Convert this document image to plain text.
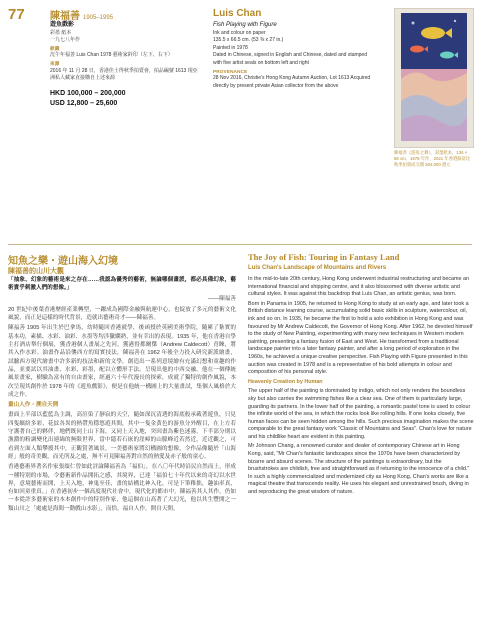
77	陳福善 1905–1995	Luis Chan
遊魚戲影
彩墨 紙本
一九七八年作
款識
沈午年福善 Luis Chan 1978 藝術家鈐印（左下、右下）
來源
2016 年 11 月 28 日，香港佳士得秋季拍賣會，拍品編號 1613 現亞洲私人藏家直接購自上述來源
HKD 100,000 – 200,000
USD 12,800 – 25,600
Fish Playing with Figure
Ink and colour on paper
135.5 x 66.5 cm. (53 ⅜ x 27 in.)
Painted in 1978
Dated in Chinese, signed in English and Chinese, dated and stamped with five artist seals on bottom left and right
PROVENANCE
28 Nov 2016, Christie's Hong Kong Autumn Auction, Lot 1613 Acquired directly by present private Asian collector from the above
陳福善《游魚之舞》，彩墨紙本，136 × 68 cm，1978 年作，2021 年香港蘇富比秋季拍賣成交價 504,000 港元
知魚之樂・遊山海入幻境
陳福善的山川大觀

「抽象、幻象的藝術是來之存在……我認為優秀的藝術，無論哪個畫派，都必具備幻象，藝術貴乎刺激人們的想像。」

——陳福善

20 世紀中後葉香港歷經產業轉型，一躍成為國際金融與航運中心，也綻放了多元的藝術文化風貌，而正是這樣的時代背景，造就出藝術奇才——陳福善。

陳福善 1905 年出生於巴拿馬，幼時隨回香港就學，後函授於英國美術學院，隨累了紮實的基本功，素描、水彩、油彩、水墨等均涉獵嫻熟，並有幸出的表現。1935 年，他在香港自學主打酒店舉行個展，獲香港個人畫展之先河，獲港督都爾傑（Andrew Caldecott）青睞，將其入作水彩。油畫作品沿襲西方的寫實技法，陳福善在 1962 年後全力投入研究新派繪畫，試驗西方現代繪畫中許多新的技法和新的文學，創造出一系列意境繪有充滿幻想和童趣的作品，並要試以其油畫、水彩、彩墨，配以立體形手法，呈現出他的中西交融，他在一個傳統風景畫家，樹驗為富有的自由畫家，經過六十年代漫長的探索，成就了獨特的創作風貌，本次呈現其創作於 1978 年的《遊魚戲影》，便是在他統一構圖上的大量畫試，集個人風格於大成之作。

畫山人作・溯自天開

畫面上半部以藍藍為主調，高渲染了靜寂的天空，隨如深沉清透的海底般承載著遊魚，只見四隻繽紛多彩，花紋各異的熱帶魚穩悠遊其間，其中一隻金黃色的游魚分外醒目，在上方若守護著自己的夥伴，地們既同上山下海，又同上天入地，突因畫為紫色迷霧，下半部分則以漁濃的粉調變化出連綿的無限世界，當中隱若石嵌的崖嶂的山脈峰近若然近，近近觀之，可看到左面人類攀援其中，正觀賞著風景，一美藝術家將幻構圖的想像，令作品像隨於「山海經」般的奇美觀，而光所及之處，無不可見陳福善對自然的熱愛及赤子般的童心。

香港藝術界著名作家張頌仁曾如此評論陳福善為「福伯」，在八〇年代時沿民自然而上，形成一種特別的市場，令藝術新作品開拓之感，其境界，已達「福伯七十年代以來的奇幻以水世界，意境藝術而開，上天入地，神鬼至佳，畫的結構比神入化，可是下筆稚拙，趣油率真，有如回童重真。」在香港初步一個高度現代社會中，現代化的都市中，陳福善其人其作，仍如一本從許多藝術家的本本創作中的特別作家，他這個在山高著了大幻光，他以其生豐開之一類山川之「處處是海間一動戲山水影」，而恰，福自人作，開自天開。

The Joy of Fish: Touring in Fantasy Land
Luis Chan's Landscape of Mountains and Rivers

In the mid-to-late 20th century, Hong Kong underwent industrial restructuring and became an international financial and shipping centre, and it also blossomed with diverse artistic and cultural styles. It was against this backdrop that Luis Chan, an artistic genius, was born.

Born in Panama in 1905, he returned to Hong Kong to study at an early age, and later took a British distance learning course, accumulating solid basic skills in sculpture, watercolour, oil, ink and so on. In 1935, he became the first to hold a solo exhibition in Hong Kong and was favoured by Mr Andrew Caldecott, the Governor of Hong Kong. After 1962, he devoted himself to the study of New Painting, experimenting with many new techniques in Western modern painting, presenting a fantasy fusion of East and West. He transformed from a traditional landscape painter into a later fantasy painter, and after a long period of exploration in the 1960s, he achieved a unique creative perspective. Fish Playing with Figure presented in this auction was created in 1978 and is a representative of his bold attempts in colour and composition of his personal style.

Heavenly Creation by Human

The upper half of the painting is dominated by indigo, which not only renders the boundless sky but also carries the swimming fishes like a clear sea. One of them is particularly large, guarding its partners. In the lower half of the painting, a romantic pastel tone is used to colour the infinite world of the sea, in which the rocks look like rolling hills. If one looks closely, five human faces can be seen hidden among the hills. Such precious imagination makes the scene comparable to the great fantasy work "Classic of Mountains and Seas". Chan's love for nature and his childlike heart are evident in this painting.

Mr Johnson Chang, a renowned curator and dealer of contemporary Chinese art in Hong Kong, said, "Mr Chan's fantastic landscapes since the 1970s have been characterized by bizarre and absurd scenes. The structure of the paintings is extraordinary, but the brushstrokes are childish, free and straightforward as if returning to the innocence of a child." In such a highly commercialized and modernized city as Hong Kong, Chan's works are like a magical theatre that transcends reality. He uses his elegant and unrestrained brush, diving in and reproducing the great wisdom of nature.
